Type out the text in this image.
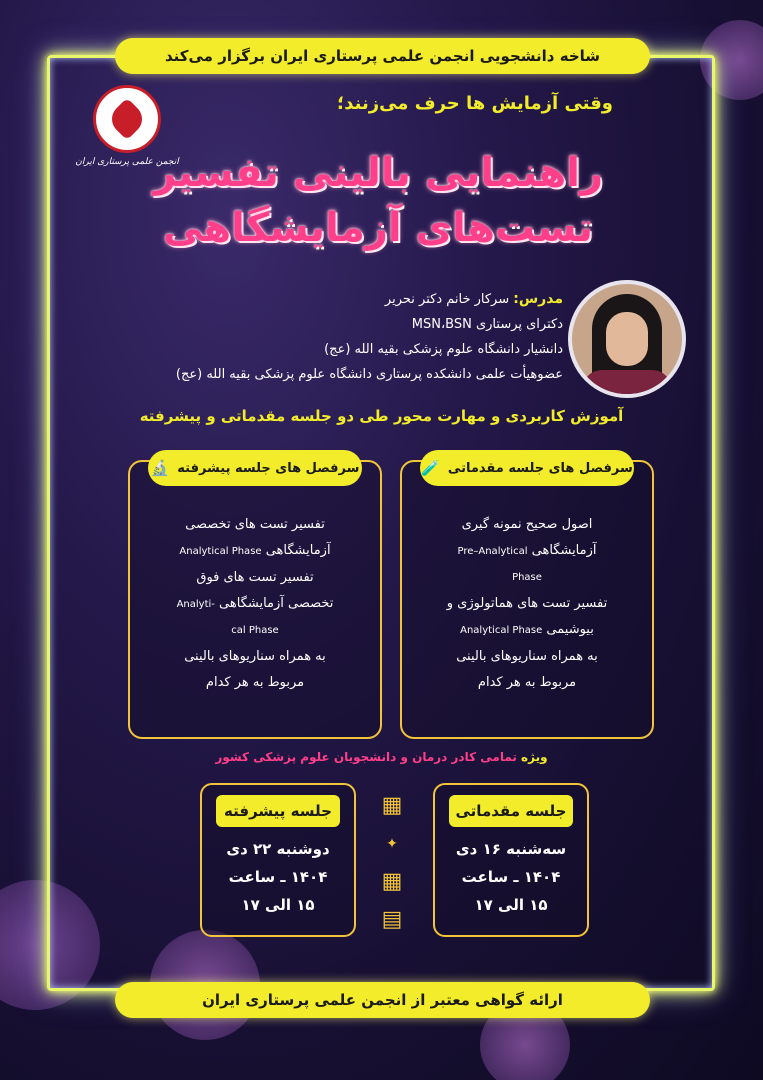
شاخه دانشجویی انجمن علمی پرستاری ایران برگزار می‌کند
انجمن علمی پرستاری ایران
وقتی آزمایش ها حرف می‌زنند؛
راهنمایی بالینی تفسیر
تست‌های آزمایشگاهی
مدرس: سرکار خانم دکتر نحریر
دکترای پرستاری MSN،BSN
دانشیار دانشگاه علوم پزشکی بقیه الله (عج)
عضوهیأت علمی دانشکده پرستاری دانشگاه علوم پزشکی بقیه الله (عج)
آموزش کاربردی و مهارت محور طی دو جلسه مقدماتی و پیشرفته
سرفصل های جلسه پیشرفته
🔬
تفسیر تست های تخصصی
آزمایشگاهی Analytical Phase
تفسیر تست های فوق
تخصصی آزمایشگاهی -Analyti
cal Phase
به همراه سناریوهای بالینی
مربوط به هر کدام
سرفصل های جلسه مقدماتی
🧪
اصول صحیح نمونه گیری
آزمایشگاهی Pre–Analytical
Phase
تفسیر تست های هماتولوژی و
بیوشیمی Analytical Phase
به همراه سناریوهای بالینی
مربوط به هر کدام
ویژه تمامی کادر درمان و دانشجویان علوم پزشکی کشور
جلسه پیشرفته
دوشنبه ۲۲ دی
۱۴۰۴ ـ ساعت
۱۵ الی ۱۷
▦
✦
▦
▤
جلسه مقدماتی
سه‌شنبه ۱۶ دی
۱۴۰۴ ـ ساعت
۱۵ الی ۱۷
ارائه گواهی معتبر از انجمن علمی پرستاری ایران
